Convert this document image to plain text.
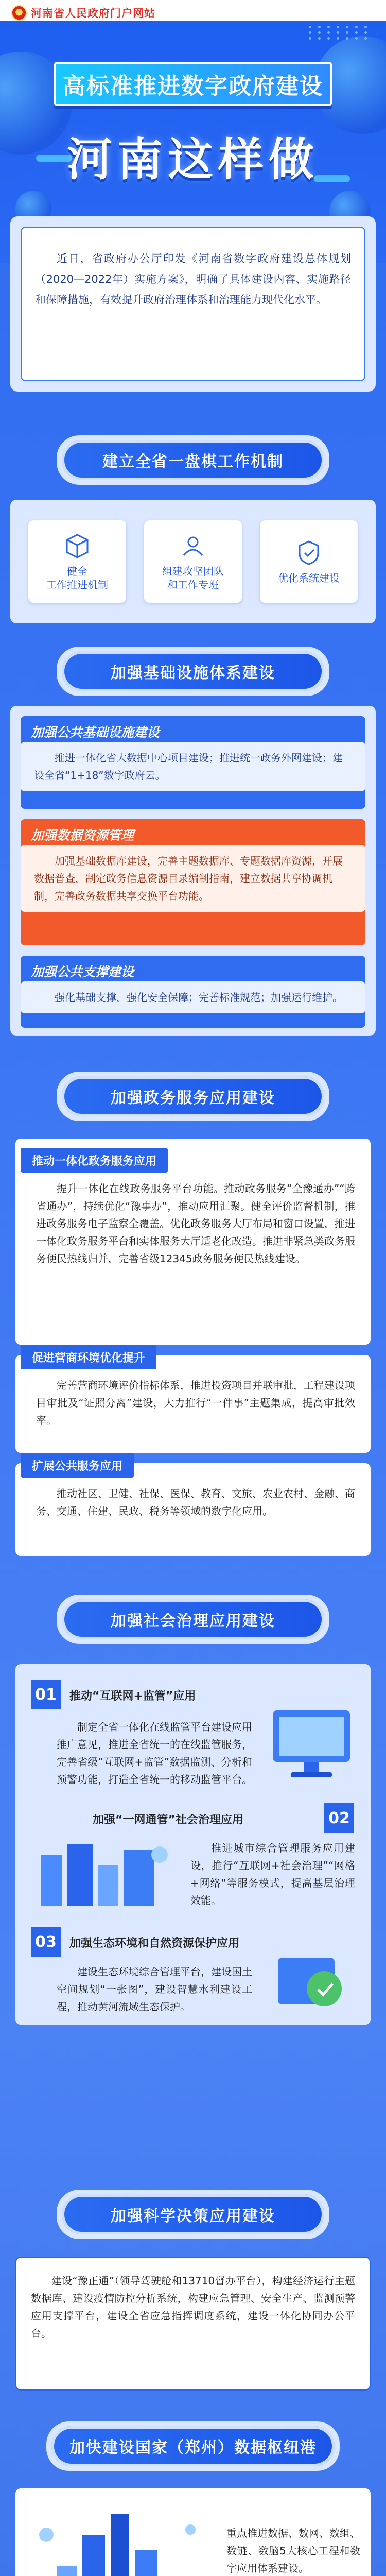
河南省人民政府门户网站
高标准推进数字政府建设
河南这样做

近日，省政府办公厅印发《河南省数字政府建设总体规划（2020—2022年）实施方案》，明确了具体建设内容、实施路径和保障措施，有效提升政府治理体系和治理能力现代化水平。

建立全省一盘棋工作机制
健全
工作推进机制
组建攻坚团队
和工作专班
优化系统建设
加强基础设施体系建设
加强公共基础设施建设
推进一体化省大数据中心项目建设；推进统一政务外网建设；建设全省“1+18”数字政府云。
加强数据资源管理
加强基础数据库建设，完善主题数据库、专题数据库资源，开展数据普查，制定政务信息资源目录编制指南，建立数据共享协调机制，完善政务数据共享交换平台功能。
加强公共支撑建设
强化基础支撑，强化安全保障；完善标准规范；加强运行维护。
加强政务服务应用建设
推动一体化政务服务应用
提升一体化在线政务服务平台功能。推动政务服务“全豫通办”“跨省通办”，持续优化“豫事办”，推动应用汇聚。健全评价监督机制，推进政务服务电子监察全覆盖。优化政务服务大厅布局和窗口设置，推进一体化政务服务平台和实体服务大厅适老化改造。推进非紧急类政务服务便民热线归并，完善省级12345政务服务便民热线建设。
促进营商环境优化提升
完善营商环境评价指标体系，推进投资项目并联审批，工程建设项目审批及“证照分离”建设，大力推行“一件事”主题集成，提高审批效率。
扩展公共服务应用
推动社区、卫健、社保、医保、教育、文旅、农业农村、金融、商务、交通、住建、民政、税务等领域的数字化应用。
加强社会治理应用建设
01	推动“互联网+监管”应用
制定全省一体化在线监管平台建设应用推广意见，推进全省统一的在线监管服务，完善省级“互联网+监管”数据监测、分析和预警功能，打造全省统一的移动监管平台。
02
加强“一网通管”社会治理应用
推进城市综合管理服务应用建设，推行“互联网+社会治理”“网格+网络”等服务模式，提高基层治理效能。
03	加强生态环境和自然资源保护应用
建设生态环境综合管理平台，建设国土空间规划“一张图”，建设智慧水利建设工程，推动黄河流域生态保护。
加强科学决策应用建设
建设“豫正通”（领导驾驶舱和13710督办平台），构建经济运行主题数据库、建设疫情防控分析系统，构建应急管理、安全生产、监测预警应用支撑平台，建设全省应急指挥调度系统，建设一体化协同办公平台。
加快建设国家（郑州）数据枢纽港
重点推进数据、数网、数组、数链、数脑5大核心工程和数字应用体系建设。
